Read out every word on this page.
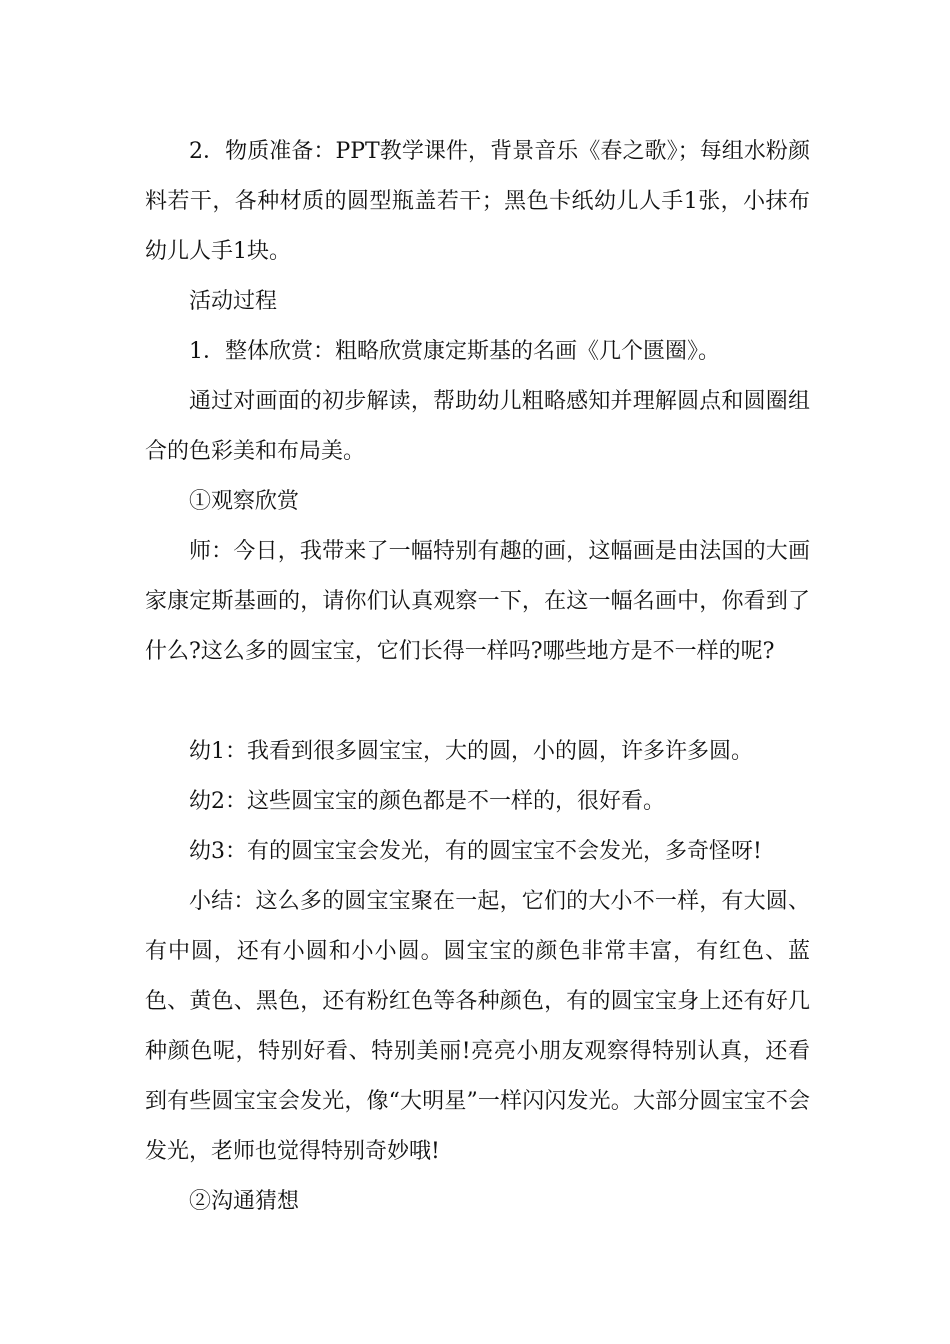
2．物质准备：PPT教学课件，背景音乐《春之歌》；每组水粉颜料若干，各种材质的圆型瓶盖若干；黑色卡纸幼儿人手1张，小抹布幼儿人手1块。

活动过程

1．整体欣赏：粗略欣赏康定斯基的名画《几个匮圈》。

通过对画面的初步解读，帮助幼儿粗略感知并理解圆点和圆圈组合的色彩美和布局美。

①观察欣赏

师：今日，我带来了一幅特别有趣的画，这幅画是由法国的大画家康定斯基画的，请你们认真观察一下，在这一幅名画中，你看到了什么?这么多的圆宝宝，它们长得一样吗?哪些地方是不一样的呢?

幼1：我看到很多圆宝宝，大的圆，小的圆，许多许多圆。

幼2：这些圆宝宝的颜色都是不一样的，很好看。

幼3：有的圆宝宝会发光，有的圆宝宝不会发光，多奇怪呀!

小结：这么多的圆宝宝聚在一起，它们的大小不一样，有大圆、有中圆，还有小圆和小小圆。圆宝宝的颜色非常丰富，有红色、蓝色、黄色、黑色，还有粉红色等各种颜色，有的圆宝宝身上还有好几种颜色呢，特别好看、特别美丽!亮亮小朋友观察得特别认真，还看到有些圆宝宝会发光，像“大明星”一样闪闪发光。大部分圆宝宝不会发光，老师也觉得特别奇妙哦!

②沟通猜想
